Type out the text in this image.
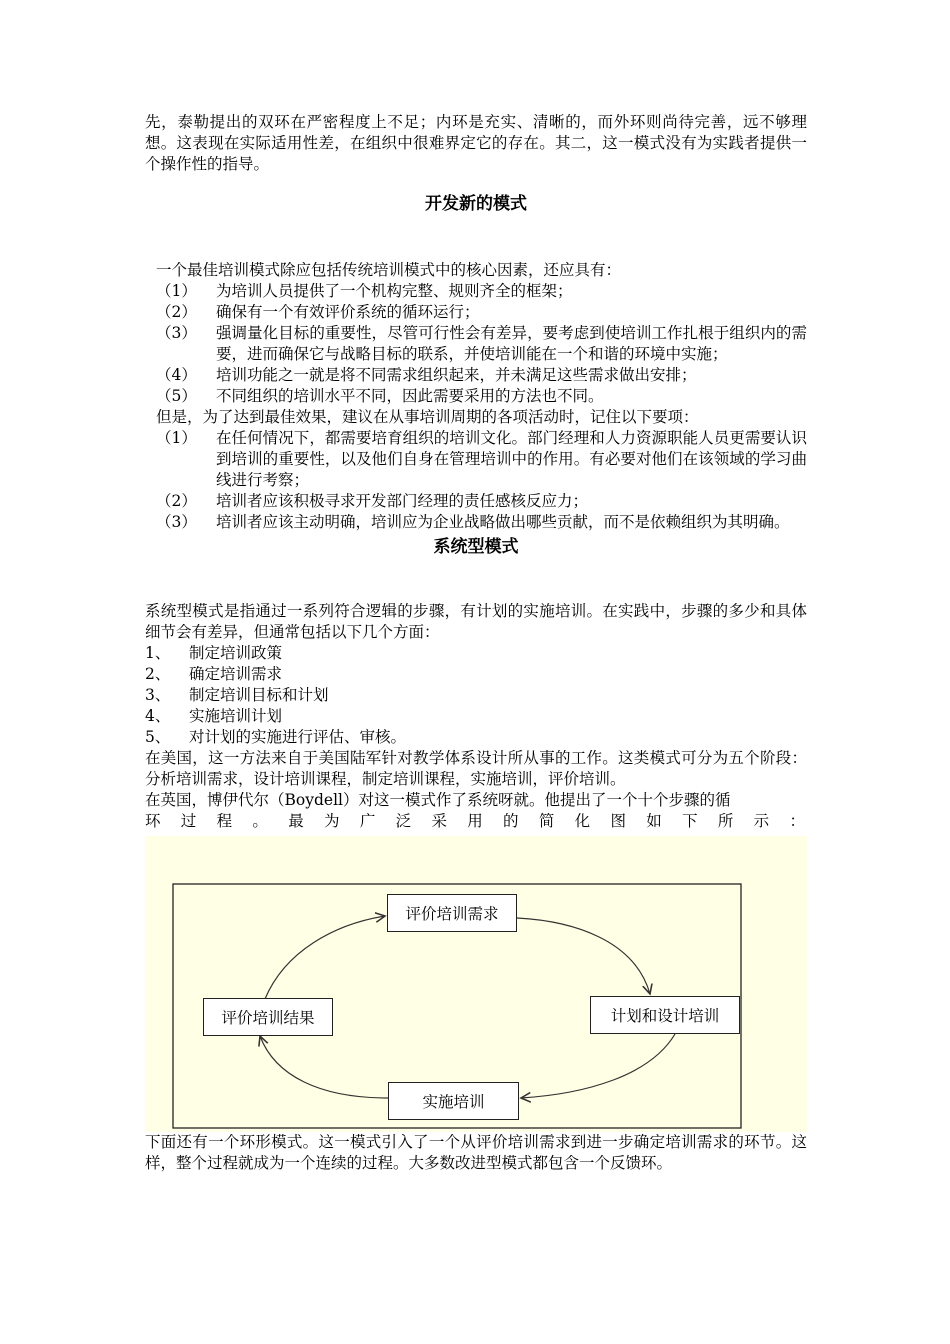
先，泰勒提出的双环在严密程度上不足；内环是充实、清晰的，而外环则尚待完善，远不够理想。这表现在实际适用性差，在组织中很难界定它的存在。其二，这一模式没有为实践者提供一个操作性的指导。

开发新的模式

一个最佳培训模式除应包括传统培训模式中的核心因素，还应具有：

（1）	为培训人员提供了一个机构完整、规则齐全的框架；
（2）	确保有一个有效评价系统的循环运行；
（3）	强调量化目标的重要性，尽管可行性会有差异，要考虑到使培训工作扎根于组织内的需要，进而确保它与战略目标的联系，并使培训能在一个和谐的环境中实施；
（4）	培训功能之一就是将不同需求组织起来，并未满足这些需求做出安排；
（5）	不同组织的培训水平不同，因此需要采用的方法也不同。

但是，为了达到最佳效果，建议在从事培训周期的各项活动时，记住以下要项：

（1）	在任何情况下，都需要培育组织的培训文化。部门经理和人力资源职能人员更需要认识到培训的重要性，以及他们自身在管理培训中的作用。有必要对他们在该领域的学习曲线进行考察；
（2）	培训者应该积极寻求开发部门经理的责任感核反应力；
（3）	培训者应该主动明确，培训应为企业战略做出哪些贡献，而不是依赖组织为其明确。

系统型模式

系统型模式是指通过一系列符合逻辑的步骤，有计划的实施培训。在实践中，步骤的多少和具体细节会有差异，但通常包括以下几个方面：

1、	制定培训政策
2、	确定培训需求
3、	制定培训目标和计划
4、	实施培训计划
5、	对计划的实施进行评估、审核。

在美国，这一方法来自于美国陆军针对教学体系设计所从事的工作。这类模式可分为五个阶段：分析培训需求，设计培训课程，制定培训课程，实施培训，评价培训。

在英国，博伊代尔（Boydell）对这一模式作了系统呀就。他提出了一个十个步骤的循

环过程。最为广泛采用的简化图如下所示：

评价培训需求
计划和设计培训
实施培训
评价培训结果

下面还有一个环形模式。这一模式引入了一个从评价培训需求到进一步确定培训需求的环节。这样，整个过程就成为一个连续的过程。大多数改进型模式都包含一个反馈环。
